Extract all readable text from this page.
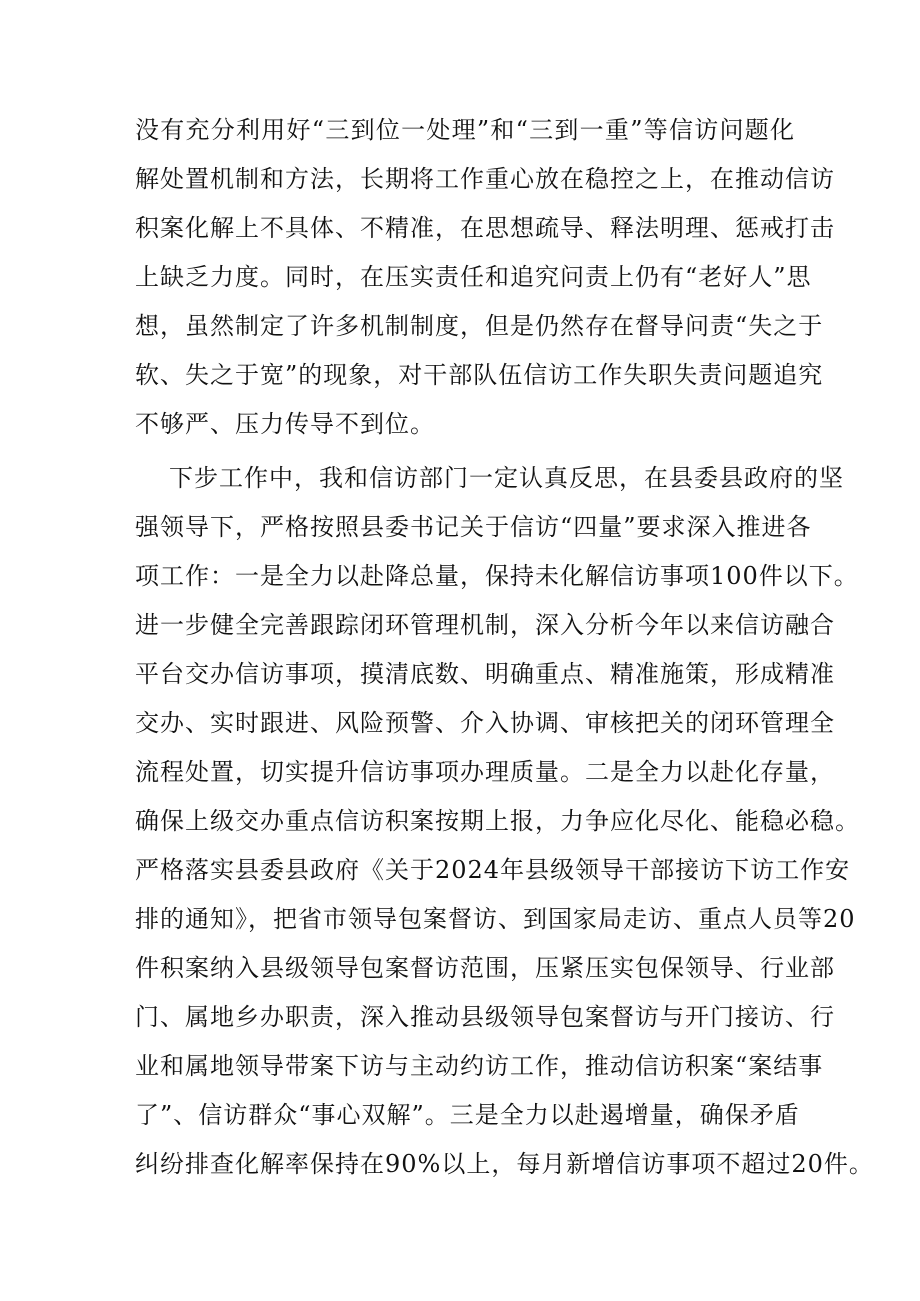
没有充分利用好“三到位一处理”和“三到一重”等信访问题化
解处置机制和方法，长期将工作重心放在稳控之上，在推动信访
积案化解上不具体、不精准，在思想疏导、释法明理、惩戒打击
上缺乏力度。同时，在压实责任和追究问责上仍有“老好人”思
想，虽然制定了许多机制制度，但是仍然存在督导问责“失之于
软、失之于宽”的现象，对干部队伍信访工作失职失责问题追究
不够严、压力传导不到位。
下步工作中，我和信访部门一定认真反思，在县委县政府的坚
强领导下，严格按照县委书记关于信访“四量”要求深入推进各
项工作：一是全力以赴降总量，保持未化解信访事项100件以下。
进一步健全完善跟踪闭环管理机制，深入分析今年以来信访融合
平台交办信访事项，摸清底数、明确重点、精准施策，形成精准
交办、实时跟进、风险预警、介入协调、审核把关的闭环管理全
流程处置，切实提升信访事项办理质量。二是全力以赴化存量，
确保上级交办重点信访积案按期上报，力争应化尽化、能稳必稳。
严格落实县委县政府《关于2024年县级领导干部接访下访工作安
排的通知》，把省市领导包案督访、到国家局走访、重点人员等20
件积案纳入县级领导包案督访范围，压紧压实包保领导、行业部
门、属地乡办职责，深入推动县级领导包案督访与开门接访、行
业和属地领导带案下访与主动约访工作，推动信访积案“案结事
了”、信访群众“事心双解”。三是全力以赴遏增量，确保矛盾
纠纷排查化解率保持在90%以上，每月新增信访事项不超过20件。
